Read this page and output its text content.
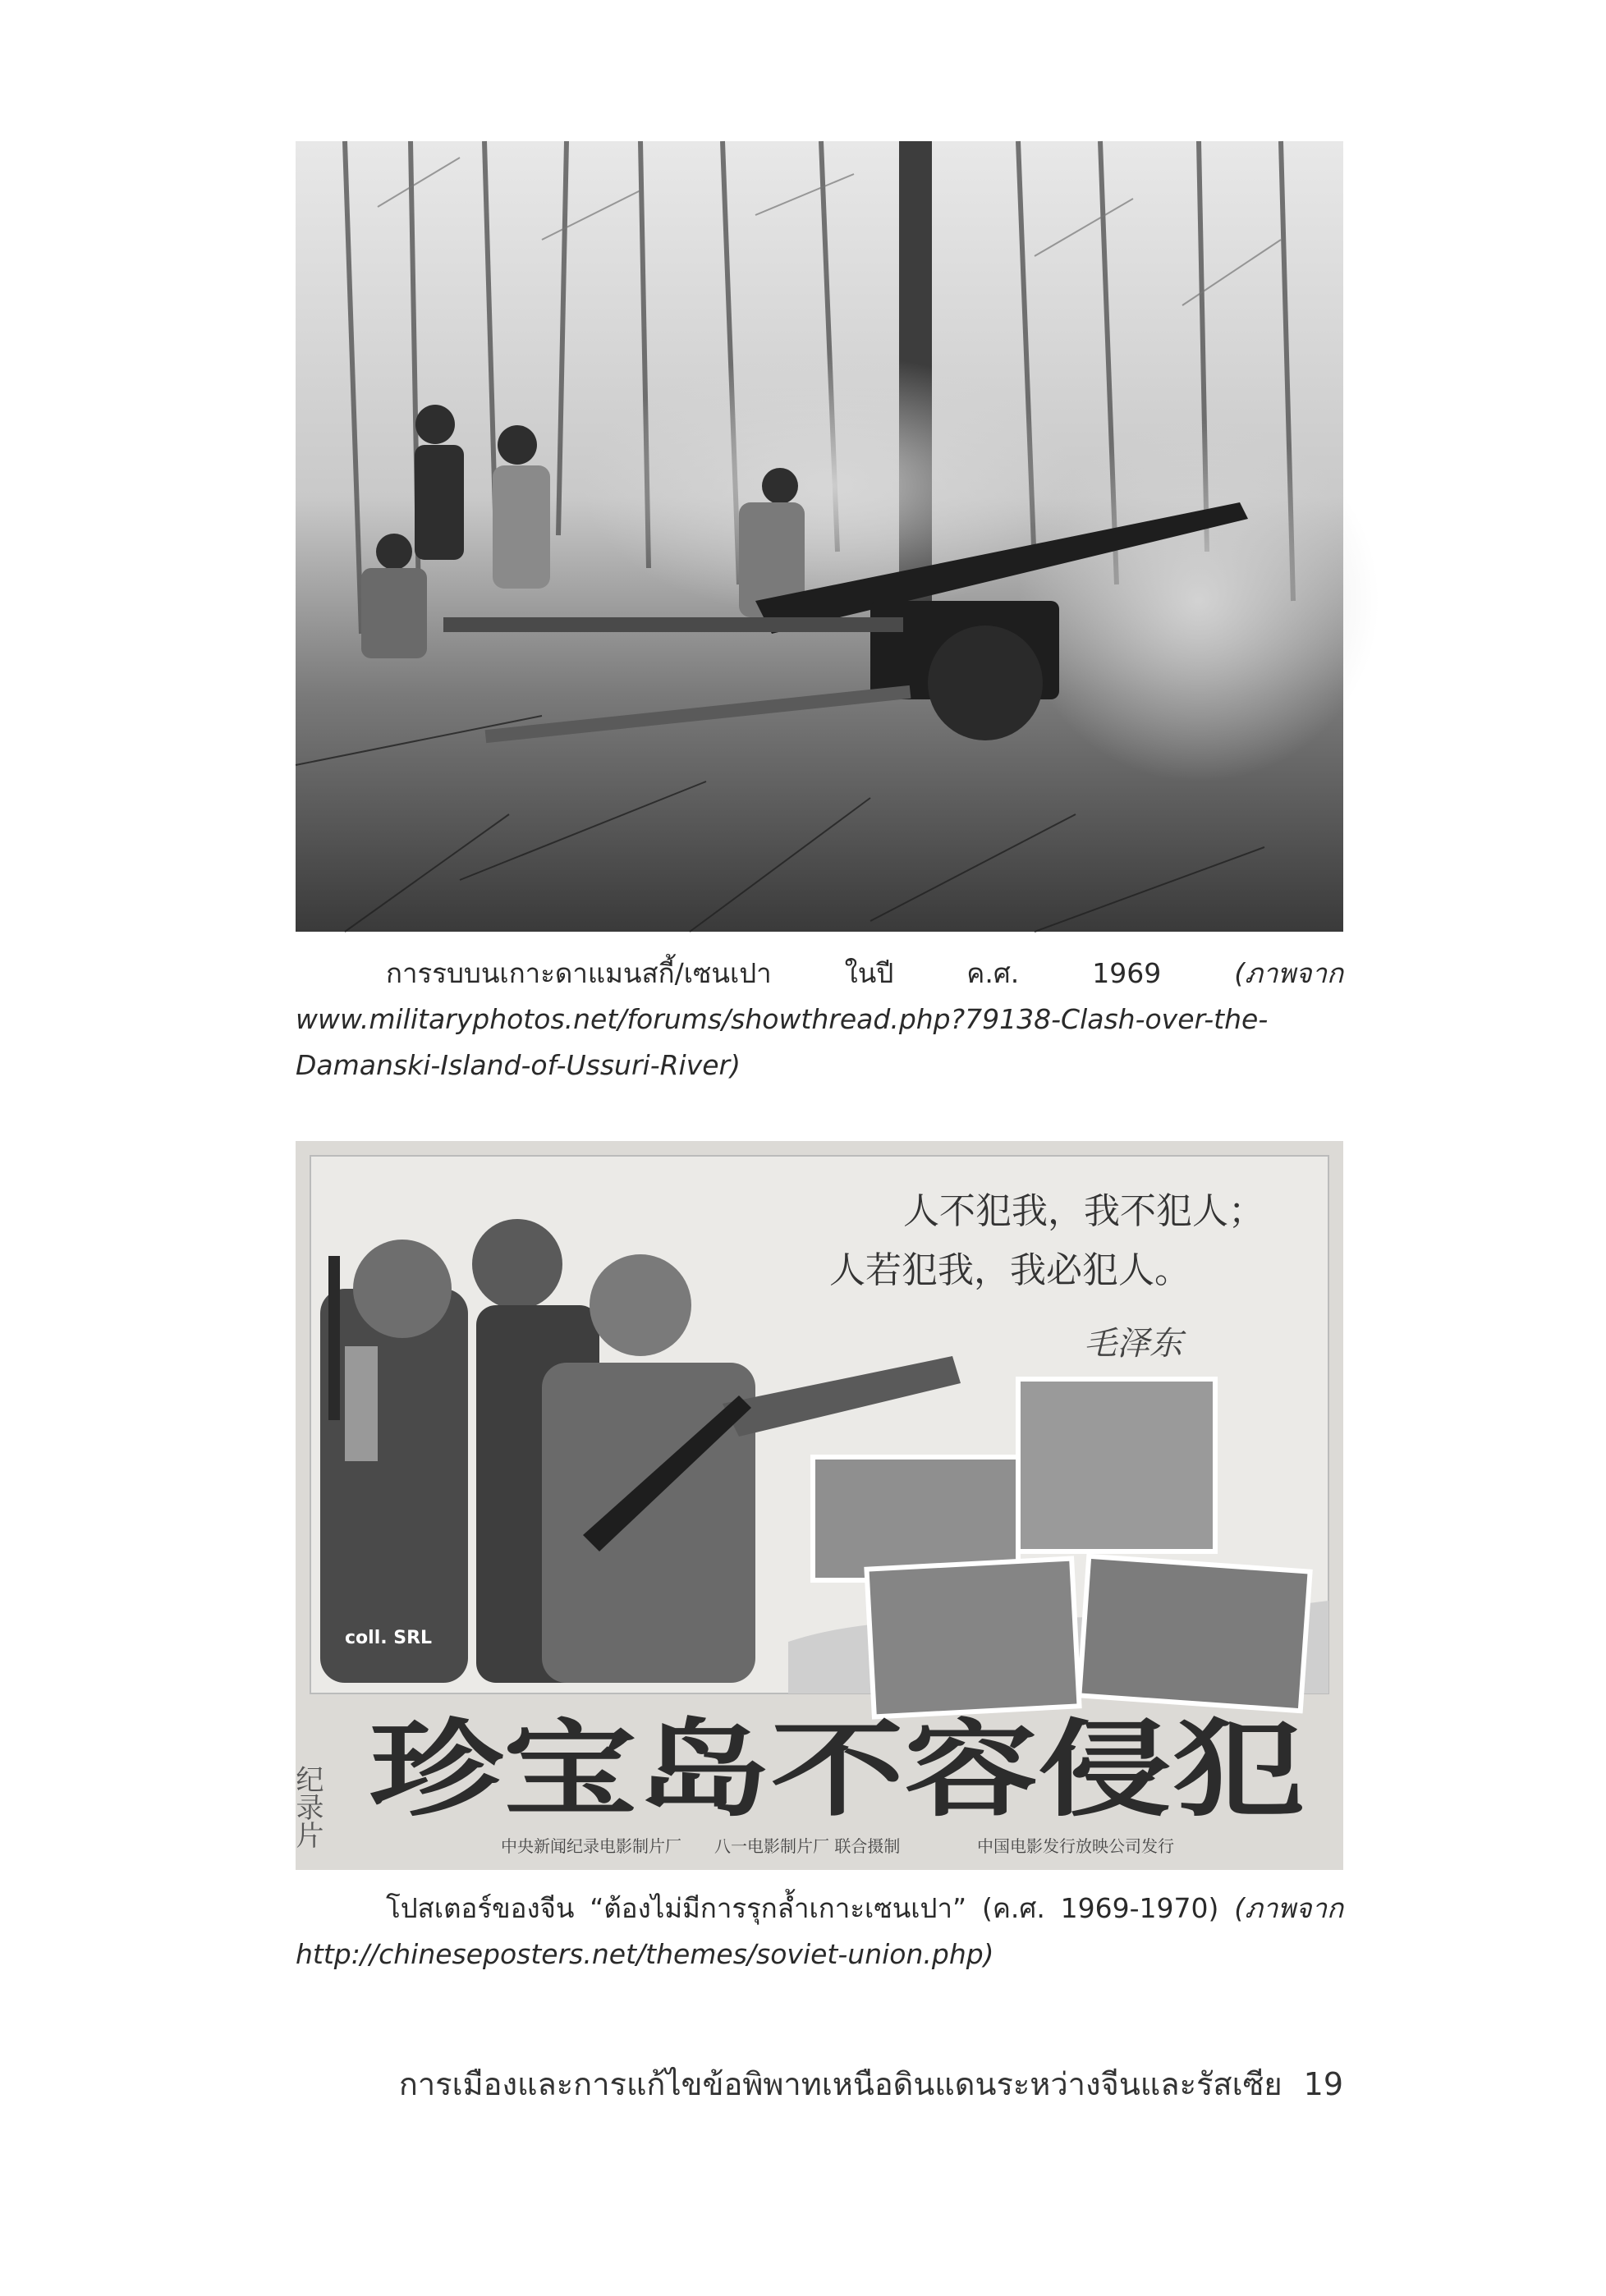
การรบบนเกาะดาแมนสกี้/เซนเปา ในปี ค.ศ. 1969	(ภาพจาก www.militaryphotos.net/forums/showthread.php?79138-Clash-over-the-Damanski-Island-of-Ussuri-River)
人不犯我，我不犯人；
人若犯我，我必犯人。
毛泽东
coll. SRL
纪录片 珍宝岛不容侵犯
中央新闻纪录电影制片厂 八一电影制片厂 联合摄制	中国电影发行放映公司发行
โปสเตอร์ของจีน “ต้องไม่มีการรุกล้ำเกาะเซนเปา” (ค.ศ. 1969-1970) (ภาพจาก http://chineseposters.net/themes/soviet-union.php)
การเมืองและการแก้ไขข้อพิพาทเหนือดินแดนระหว่างจีนและรัสเซีย 19
